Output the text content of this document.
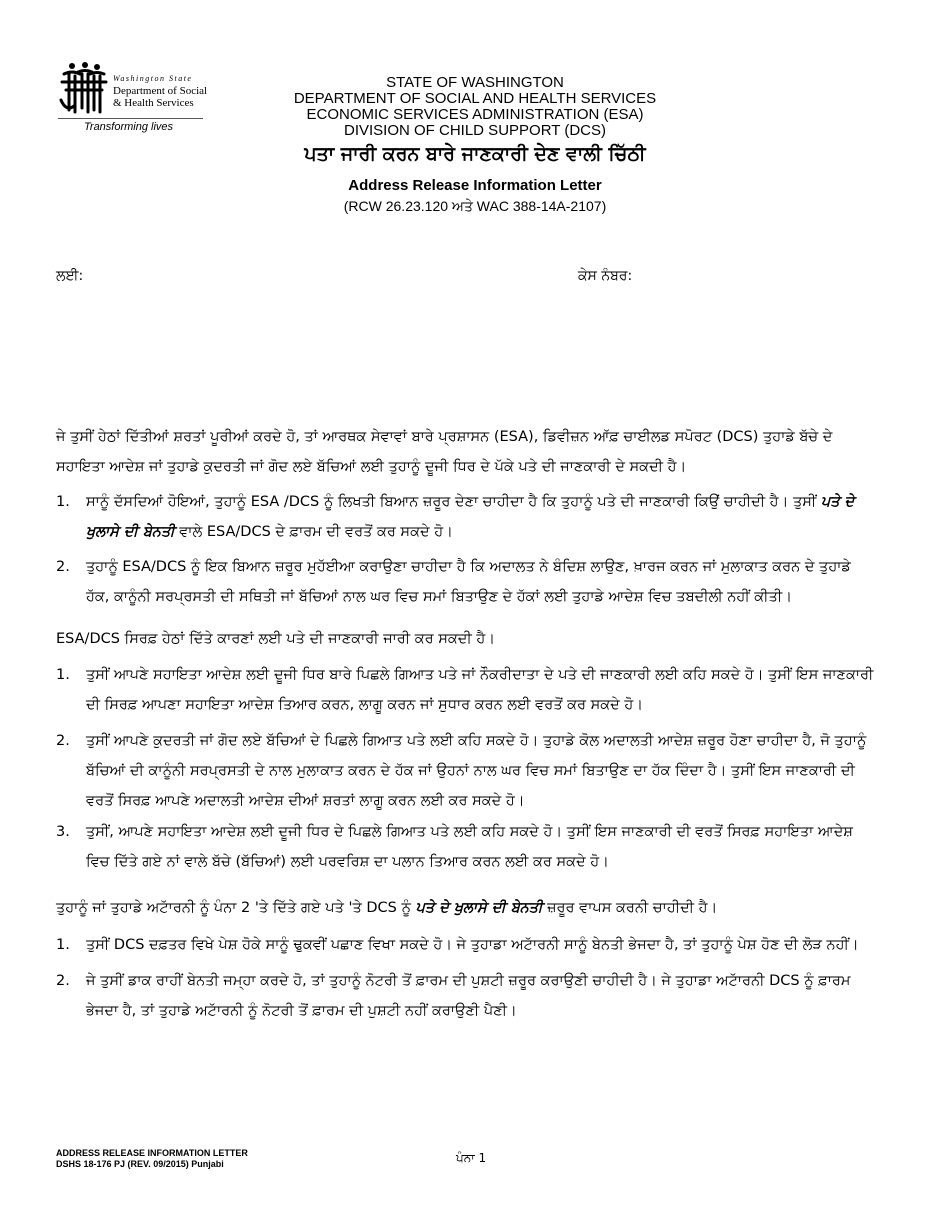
Washington State
Department of Social
& Health Services
Transforming lives
STATE OF WASHINGTON
DEPARTMENT OF SOCIAL AND HEALTH SERVICES
ECONOMIC SERVICES ADMINISTRATION (ESA)
DIVISION OF CHILD SUPPORT (DCS)
ਪਤਾ ਜਾਰੀ ਕਰਨ ਬਾਰੇ ਜਾਣਕਾਰੀ ਦੇਣ ਵਾਲੀ ਚਿੱਠੀ
Address Release Information Letter
(RCW 26.23.120 ਅਤੇ WAC 388-14A-2107)
ਲਈ:	ਕੇਸ ਨੰਬਰ:
ਜੇ ਤੁਸੀਂ ਹੇਠਾਂ ਦਿੱਤੀਆਂ ਸ਼ਰਤਾਂ ਪੂਰੀਆਂ ਕਰਦੇ ਹੋ, ਤਾਂ ਆਰਥਕ ਸੇਵਾਵਾਂ ਬਾਰੇ ਪ੍ਰਸ਼ਾਸਨ (ESA), ਡਿਵੀਜ਼ਨ ਆੱਫ਼ ਚਾਈਲਡ ਸਪੋਰਟ (DCS) ਤੁਹਾਡੇ ਬੱਚੇ ਦੇ
ਸਹਾਇਤਾ ਆਦੇਸ਼ ਜਾਂ ਤੁਹਾਡੇ ਕੁਦਰਤੀ ਜਾਂ ਗੋਦ ਲਏ ਬੱਚਿਆਂ ਲਈ ਤੁਹਾਨੂੰ ਦੂਜੀ ਧਿਰ ਦੇ ਪੱਕੇ ਪਤੇ ਦੀ ਜਾਣਕਾਰੀ ਦੇ ਸਕਦੀ ਹੈ।
1.	ਸਾਨੂੰ ਦੱਸਦਿਆਂ ਹੋਇਆਂ, ਤੁਹਾਨੂੰ ESA /DCS ਨੂੰ ਲਿਖਤੀ ਬਿਆਨ ਜ਼ਰੂਰ ਦੇਣਾ ਚਾਹੀਦਾ ਹੈ ਕਿ ਤੁਹਾਨੂੰ ਪਤੇ ਦੀ ਜਾਣਕਾਰੀ ਕਿਉਂ ਚਾਹੀਦੀ ਹੈ। ਤੁਸੀਂ ਪਤੇ ਦੇ
ਖੁਲਾਸੇ ਦੀ ਬੇਨਤੀ ਵਾਲੇ ESA/DCS ਦੇ ਫ਼ਾਰਮ ਦੀ ਵਰਤੋਂ ਕਰ ਸਕਦੇ ਹੋ।
2.	ਤੁਹਾਨੂੰ ESA/DCS ਨੂੰ ਇਕ ਬਿਆਨ ਜ਼ਰੂਰ ਮੁਹੱਈਆ ਕਰਾਉਣਾ ਚਾਹੀਦਾ ਹੈ ਕਿ ਅਦਾਲਤ ਨੇ ਬੰਦਿਸ਼ ਲਾਉਣ, ਖ਼ਾਰਜ ਕਰਨ ਜਾਂ ਮੁਲਾਕਾਤ ਕਰਨ ਦੇ ਤੁਹਾਡੇ
ਹੱਕ, ਕਾਨੂੰਨੀ ਸਰਪ੍ਰਸਤੀ ਦੀ ਸਥਿਤੀ ਜਾਂ ਬੱਚਿਆਂ ਨਾਲ ਘਰ ਵਿਚ ਸਮਾਂ ਬਿਤਾਉਣ ਦੇ ਹੱਕਾਂ ਲਈ ਤੁਹਾਡੇ ਆਦੇਸ਼ ਵਿਚ ਤਬਦੀਲੀ ਨਹੀਂ ਕੀਤੀ।
ESA/DCS ਸਿਰਫ਼ ਹੇਠਾਂ ਦਿੱਤੇ ਕਾਰਣਾਂ ਲਈ ਪਤੇ ਦੀ ਜਾਣਕਾਰੀ ਜਾਰੀ ਕਰ ਸਕਦੀ ਹੈ।
1.	ਤੁਸੀਂ ਆਪਣੇ ਸਹਾਇਤਾ ਆਦੇਸ਼ ਲਈ ਦੂਜੀ ਧਿਰ ਬਾਰੇ ਪਿਛਲੇ ਗਿਆਤ ਪਤੇ ਜਾਂ ਨੌਕਰੀਦਾਤਾ ਦੇ ਪਤੇ ਦੀ ਜਾਣਕਾਰੀ ਲਈ ਕਹਿ ਸਕਦੇ ਹੋ। ਤੁਸੀਂ ਇਸ ਜਾਣਕਾਰੀ
ਦੀ ਸਿਰਫ਼ ਆਪਣਾ ਸਹਾਇਤਾ ਆਦੇਸ਼ ਤਿਆਰ ਕਰਨ, ਲਾਗੂ ਕਰਨ ਜਾਂ ਸੁਧਾਰ ਕਰਨ ਲਈ ਵਰਤੋਂ ਕਰ ਸਕਦੇ ਹੋ।
2.	ਤੁਸੀਂ ਆਪਣੇ ਕੁਦਰਤੀ ਜਾਂ ਗੋਦ ਲਏ ਬੱਚਿਆਂ ਦੇ ਪਿਛਲੇ ਗਿਆਤ ਪਤੇ ਲਈ ਕਹਿ ਸਕਦੇ ਹੋ। ਤੁਹਾਡੇ ਕੋਲ ਅਦਾਲਤੀ ਆਦੇਸ਼ ਜ਼ਰੂਰ ਹੋਣਾ ਚਾਹੀਦਾ ਹੈ, ਜੋ ਤੁਹਾਨੂੰ
ਬੱਚਿਆਂ ਦੀ ਕਾਨੂੰਨੀ ਸਰਪ੍ਰਸਤੀ ਦੇ ਨਾਲ ਮੁਲਾਕਾਤ ਕਰਨ ਦੇ ਹੱਕ ਜਾਂ ਉਹਨਾਂ ਨਾਲ ਘਰ ਵਿਚ ਸਮਾਂ ਬਿਤਾਉਣ ਦਾ ਹੱਕ ਦਿੰਦਾ ਹੈ। ਤੁਸੀਂ ਇਸ ਜਾਣਕਾਰੀ ਦੀ
ਵਰਤੋਂ ਸਿਰਫ਼ ਆਪਣੇ ਅਦਾਲਤੀ ਆਦੇਸ਼ ਦੀਆਂ ਸ਼ਰਤਾਂ ਲਾਗੂ ਕਰਨ ਲਈ ਕਰ ਸਕਦੇ ਹੋ।
3.	ਤੁਸੀਂ, ਆਪਣੇ ਸਹਾਇਤਾ ਆਦੇਸ਼ ਲਈ ਦੂਜੀ ਧਿਰ ਦੇ ਪਿਛਲੇ ਗਿਆਤ ਪਤੇ ਲਈ ਕਹਿ ਸਕਦੇ ਹੋ। ਤੁਸੀਂ ਇਸ ਜਾਣਕਾਰੀ ਦੀ ਵਰਤੋਂ ਸਿਰਫ਼ ਸਹਾਇਤਾ ਆਦੇਸ਼
ਵਿਚ ਦਿੱਤੇ ਗਏ ਨਾਂ ਵਾਲੇ ਬੱਚੇ (ਬੱਚਿਆਂ) ਲਈ ਪਰਵਰਿਸ਼ ਦਾ ਪਲਾਨ ਤਿਆਰ ਕਰਨ ਲਈ ਕਰ ਸਕਦੇ ਹੋ।
ਤੁਹਾਨੂੰ ਜਾਂ ਤੁਹਾਡੇ ਅਟਾੱਰਨੀ ਨੂੰ ਪੰਨਾ 2 'ਤੇ ਦਿੱਤੇ ਗਏ ਪਤੇ 'ਤੇ DCS ਨੂੰ ਪਤੇ ਦੇ ਖੁਲਾਸੇ ਦੀ ਬੇਨਤੀ ਜ਼ਰੂਰ ਵਾਪਸ ਕਰਨੀ ਚਾਹੀਦੀ ਹੈ।
1.	ਤੁਸੀਂ DCS ਦਫ਼ਤਰ ਵਿਖੇ ਪੇਸ਼ ਹੋਕੇ ਸਾਨੂੰ ਢੁਕਵੀਂ ਪਛਾਣ ਵਿਖਾ ਸਕਦੇ ਹੋ। ਜੇ ਤੁਹਾਡਾ ਅਟਾੱਰਨੀ ਸਾਨੂੰ ਬੇਨਤੀ ਭੇਜਦਾ ਹੈ, ਤਾਂ ਤੁਹਾਨੂੰ ਪੇਸ਼ ਹੋਣ ਦੀ ਲੋੜ ਨਹੀਂ।
2.	ਜੇ ਤੁਸੀਂ ਡਾਕ ਰਾਹੀਂ ਬੇਨਤੀ ਜਮ੍ਹਾ ਕਰਦੇ ਹੋ, ਤਾਂ ਤੁਹਾਨੂੰ ਨੋਟਰੀ ਤੋਂ ਫ਼ਾਰਮ ਦੀ ਪੁਸ਼ਟੀ ਜ਼ਰੂਰ ਕਰਾਉਣੀ ਚਾਹੀਦੀ ਹੈ। ਜੇ ਤੁਹਾਡਾ ਅਟਾੱਰਨੀ DCS ਨੂੰ ਫ਼ਾਰਮ
ਭੇਜਦਾ ਹੈ, ਤਾਂ ਤੁਹਾਡੇ ਅਟਾੱਰਨੀ ਨੂੰ ਨੋਟਰੀ ਤੋਂ ਫ਼ਾਰਮ ਦੀ ਪੁਸ਼ਟੀ ਨਹੀਂ ਕਰਾਉਣੀ ਪੈਣੀ।
ADDRESS RELEASE INFORMATION LETTER
DSHS 18-176 PJ (REV. 09/2015) Punjabi	ਪੰਨਾ 1
